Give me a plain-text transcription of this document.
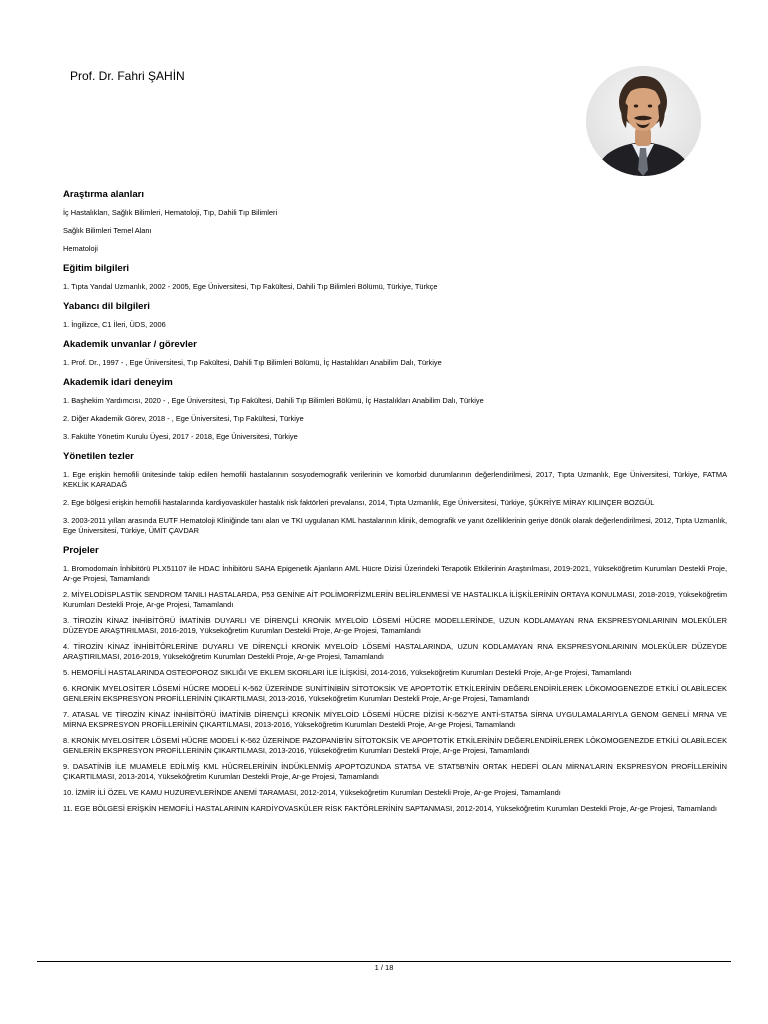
Prof. Dr. Fahri ŞAHİN
Araştırma alanları
İç Hastalıkları, Sağlık Bilimleri, Hematoloji, Tıp, Dahili Tıp Bilimleri
Sağlık Bilimleri Temel Alanı
Hematoloji
Eğitim bilgileri
1. Tıpta Yandal Uzmanlık, 2002 - 2005, Ege Üniversitesi, Tıp Fakültesi, Dahili Tıp Bilimleri Bölümü, Türkiye, Türkçe
Yabancı dil bilgileri
1. İngilizce, C1 İleri, ÜDS, 2006
Akademik unvanlar / görevler
1. Prof. Dr., 1997 - , Ege Üniversitesi, Tıp Fakültesi, Dahili Tıp Bilimleri Bölümü, İç Hastalıkları Anabilim Dalı, Türkiye
Akademik idari deneyim
1. Başhekim Yardımcısı, 2020 - , Ege Üniversitesi, Tıp Fakültesi, Dahili Tıp Bilimleri Bölümü, İç Hastalıkları Anabilim Dalı, Türkiye
2. Diğer Akademik Görev, 2018 - , Ege Üniversitesi, Tıp Fakültesi, Türkiye
3. Fakülte Yönetim Kurulu Üyesi, 2017 - 2018, Ege Üniversitesi, Türkiye
Yönetilen tezler
1. Ege erişkin hemofili ünitesinde takip edilen hemofili hastalarının sosyodemografik verilerinin ve komorbid durumlarının değerlendirilmesi, 2017, Tıpta Uzmanlık, Ege Üniversitesi, Türkiye, FATMA KEKLİK KARADAĞ
2. Ege bölgesi erişkin hemofili hastalarında kardiyovasküler hastalık risk faktörleri prevalansı, 2014, Tıpta Uzmanlık, Ege Üniversitesi, Türkiye, ŞÜKRİYE MİRAY KILINÇER BOZGÜL
3. 2003-2011 yılları arasında EUTF Hematoloji Kliniğinde tanı alan ve TKI uygulanan KML hastalarının klinik, demografik ve yanıt özelliklerinin geriye dönük olarak değerlendirilmesi, 2012, Tıpta Uzmanlık, Ege Üniversitesi, Türkiye, ÜMİT ÇAVDAR
Projeler
1. Bromodomain İnhibitörü PLX51107 ile HDAC İnhibitörü SAHA Epigenetik Ajanların AML Hücre Dizisi Üzerindeki Terapotik Etkilerinin Araştırılması, 2019-2021, Yükseköğretim Kurumları Destekli Proje, Ar-ge Projesi, Tamamlandı
2. MİYELODİSPLASTİK SENDROM TANILI HASTALARDA, P53 GENİNE AİT POLİMORFİZMLERİN BELİRLENMESİ VE HASTALIKLA İLİŞKİLERİNİN ORTAYA KONULMASI, 2018-2019, Yükseköğretim Kurumları Destekli Proje, Ar-ge Projesi, Tamamlandı
3. TİROZİN KİNAZ İNHİBİTÖRÜ İMATİNİB DUYARLI VE DİRENÇLİ KRONİK MYELOİD LÖSEMİ HÜCRE MODELLERİNDE, UZUN KODLAMAYAN RNA EKSPRESYONLARININ MOLEKÜLER DÜZEYDE ARAŞTIRILMASI, 2016-2019, Yükseköğretim Kurumları Destekli Proje, Ar-ge Projesi, Tamamlandı
4. TİROZİN KİNAZ İNHİBİTÖRLERİNE DUYARLI VE DİRENÇLİ KRONİK MYELOİD LÖSEMİ HASTALARINDA, UZUN KODLAMAYAN RNA EKSPRESYONLARININ MOLEKÜLER DÜZEYDE ARAŞTIRILMASI, 2016-2019, Yükseköğretim Kurumları Destekli Proje, Ar-ge Projesi, Tamamlandı
5. HEMOFİLİ HASTALARINDA OSTEOPOROZ SIKLIĞI VE EKLEM SKORLARI İLE İLİŞKİSİ, 2014-2016, Yükseköğretim Kurumları Destekli Proje, Ar-ge Projesi, Tamamlandı
6. KRONİK MYELOSİTER LÖSEMİ HÜCRE MODELİ K-562 ÜZERİNDE SUNİTİNİBİN SİTOTOKSİK VE APOPTOTİK ETKİLERİNİN DEĞERLENDİRİLEREK LÖKOMOGENEZDE ETKİLİ OLABİLECEK GENLERİN EKSPRESYON PROFİLLERİNİN ÇIKARTILMASI, 2013-2016, Yükseköğretim Kurumları Destekli Proje, Ar-ge Projesi, Tamamlandı
7. ATASAL VE TİROZİN KİNAZ İNHİBİTÖRÜ İMATİNİB DİRENÇLİ KRONİK MİYELOİD LÖSEMİ HÜCRE DİZİSİ K-562'YE ANTİ-STAT5A SİRNA UYGULAMALARIYLA GENOM GENELİ MRNA VE MİRNA EKSPRESYON PROFİLLERİNİN ÇIKARTILMASI, 2013-2016, Yükseköğretim Kurumları Destekli Proje, Ar-ge Projesi, Tamamlandı
8. KRONİK MYELOSİTER LÖSEMİ HÜCRE MODELİ K-562 ÜZERİNDE PAZOPANİB'İN SİTOTOKSİK VE APOPTOTİK ETKİLERİNİN DEĞERLENDİRİLEREK LÖKOMOGENEZDE ETKİLİ OLABİLECEK GENLERİN EKSPRESYON PROFİLLERİNİN ÇIKARTILMASI, 2013-2016, Yükseköğretim Kurumları Destekli Proje, Ar-ge Projesi, Tamamlandı
9. DASATİNİB İLE MUAMELE EDİLMİŞ KML HÜCRELERİNİN İNDÜKLENMİŞ APOPTOZUNDA STAT5A VE STAT5B'NİN ORTAK HEDEFİ OLAN MİRNA'LARIN EKSPRESYON PROFİLLERİNİN ÇIKARTILMASI, 2013-2014, Yükseköğretim Kurumları Destekli Proje, Ar-ge Projesi, Tamamlandı
10. İZMİR İLİ ÖZEL VE KAMU HUZUREVLERİNDE ANEMİ TARAMASI, 2012-2014, Yükseköğretim Kurumları Destekli Proje, Ar-ge Projesi, Tamamlandı
11. EGE BÖLGESİ ERİŞKİN HEMOFİLİ HASTALARININ KARDİYOVASKÜLER RİSK FAKTÖRLERİNİN SAPTANMASI, 2012-2014, Yükseköğretim Kurumları Destekli Proje, Ar-ge Projesi, Tamamlandı
1 / 18
